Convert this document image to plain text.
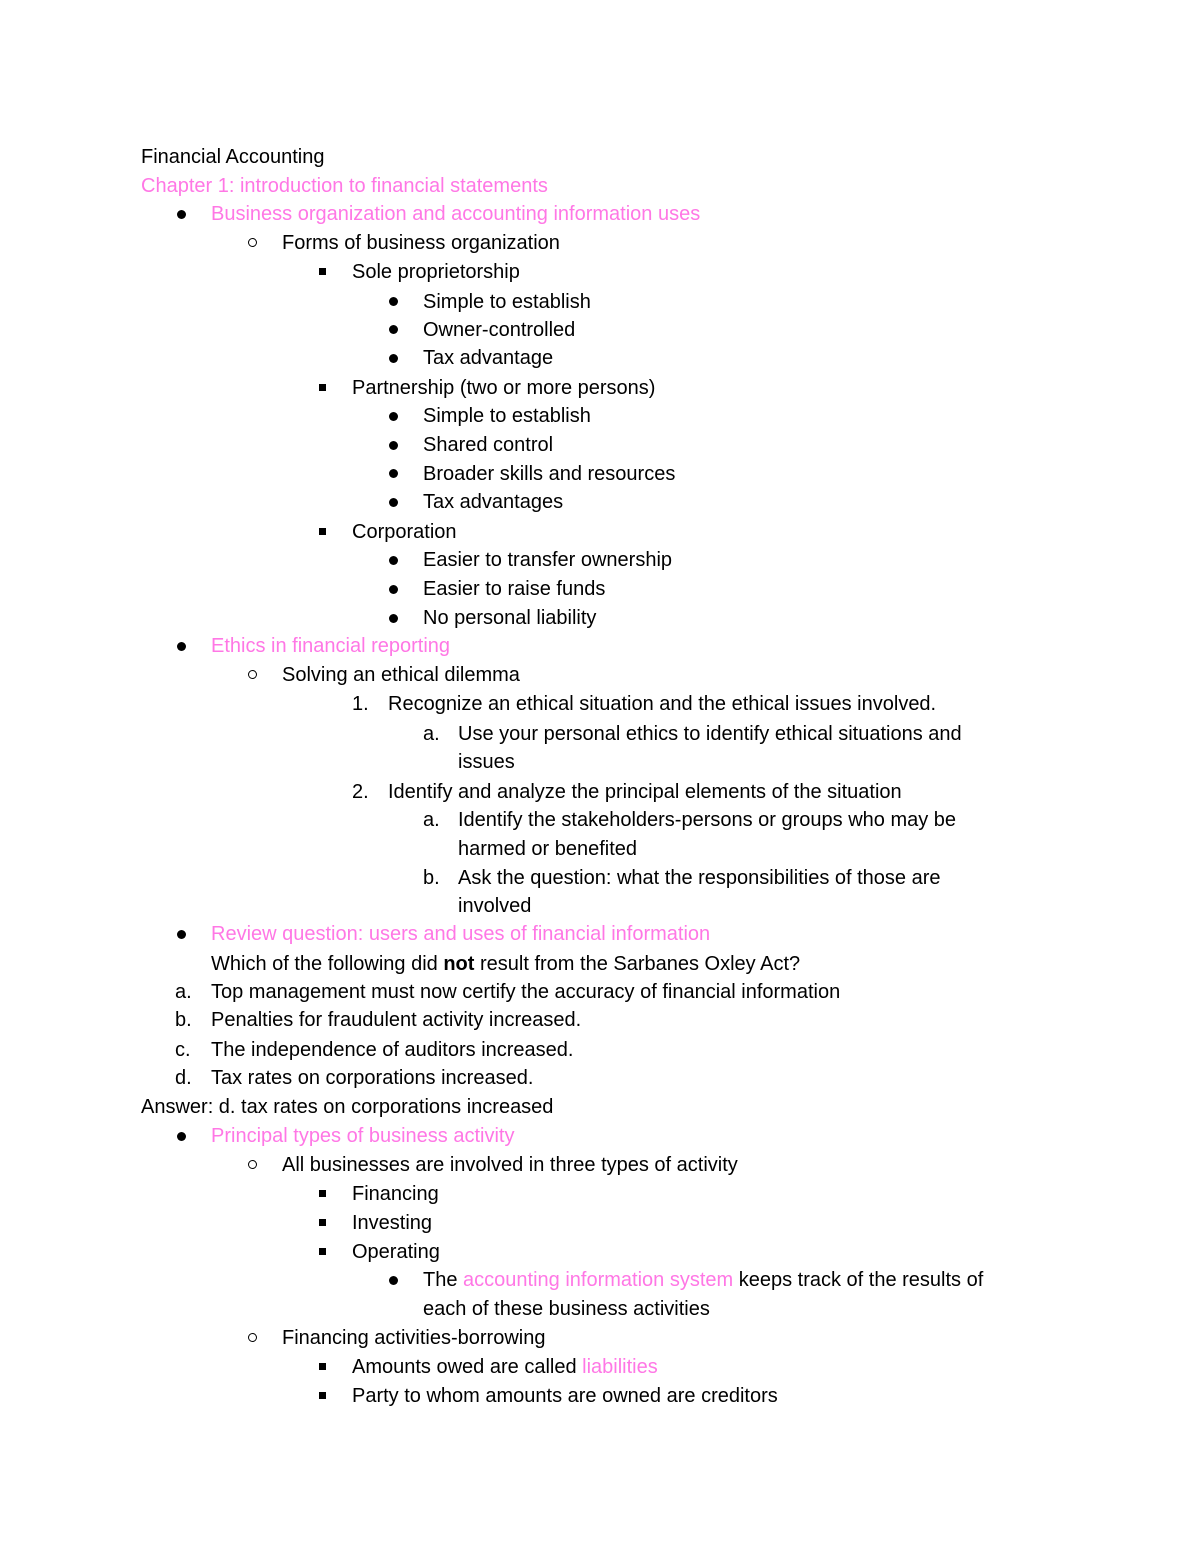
Financial Accounting
Chapter 1: introduction to financial statements
Business organization and accounting information uses
Forms of business organization
Sole proprietorship
Simple to establish
Owner-controlled
Tax advantage
Partnership (two or more persons)
Simple to establish
Shared control
Broader skills and resources
Tax advantages
Corporation
Easier to transfer ownership
Easier to raise funds
No personal liability
Ethics in financial reporting
Solving an ethical dilemma
1. Recognize an ethical situation and the ethical issues involved.
a. Use your personal ethics to identify ethical situations and
issues
2. Identify and analyze the principal elements of the situation
a. Identify the stakeholders-persons or groups who may be
harmed or benefited
b. Ask the question: what the responsibilities of those are
involved
Review question: users and uses of financial information
Which of the following did not result from the Sarbanes Oxley Act?
a. Top management must now certify the accuracy of financial information
b. Penalties for fraudulent activity increased.
c. The independence of auditors increased.
d. Tax rates on corporations increased.
Answer: d. tax rates on corporations increased
Principal types of business activity
All businesses are involved in three types of activity
Financing
Investing
Operating
The accounting information system keeps track of the results of
each of these business activities
Financing activities-borrowing
Amounts owed are called liabilities
Party to whom amounts are owned are creditors
